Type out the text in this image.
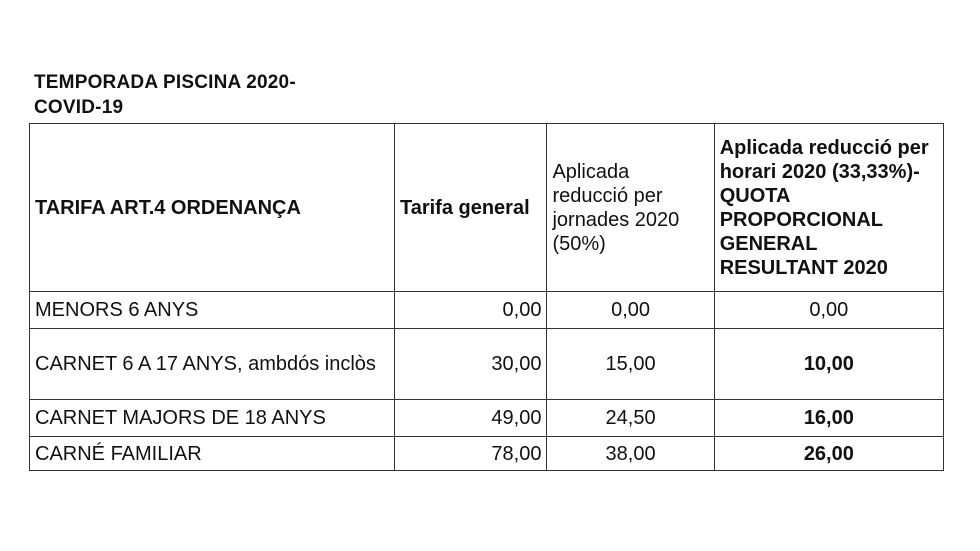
TEMPORADA PISCINA 2020-
COVID-19
TARIFA ART.4 ORDENANÇA	Tarifa general	Aplicada reducció per jornades 2020 (50%)	Aplicada reducció per horari 2020 (33,33%)-QUOTA PROPORCIONAL GENERAL RESULTANT 2020
MENORS 6 ANYS	0,00	0,00	0,00
CARNET 6 A 17 ANYS, ambdós inclòs	30,00	15,00	10,00
CARNET MAJORS DE 18 ANYS	49,00	24,50	16,00
CARNÉ FAMILIAR	78,00	38,00	26,00
